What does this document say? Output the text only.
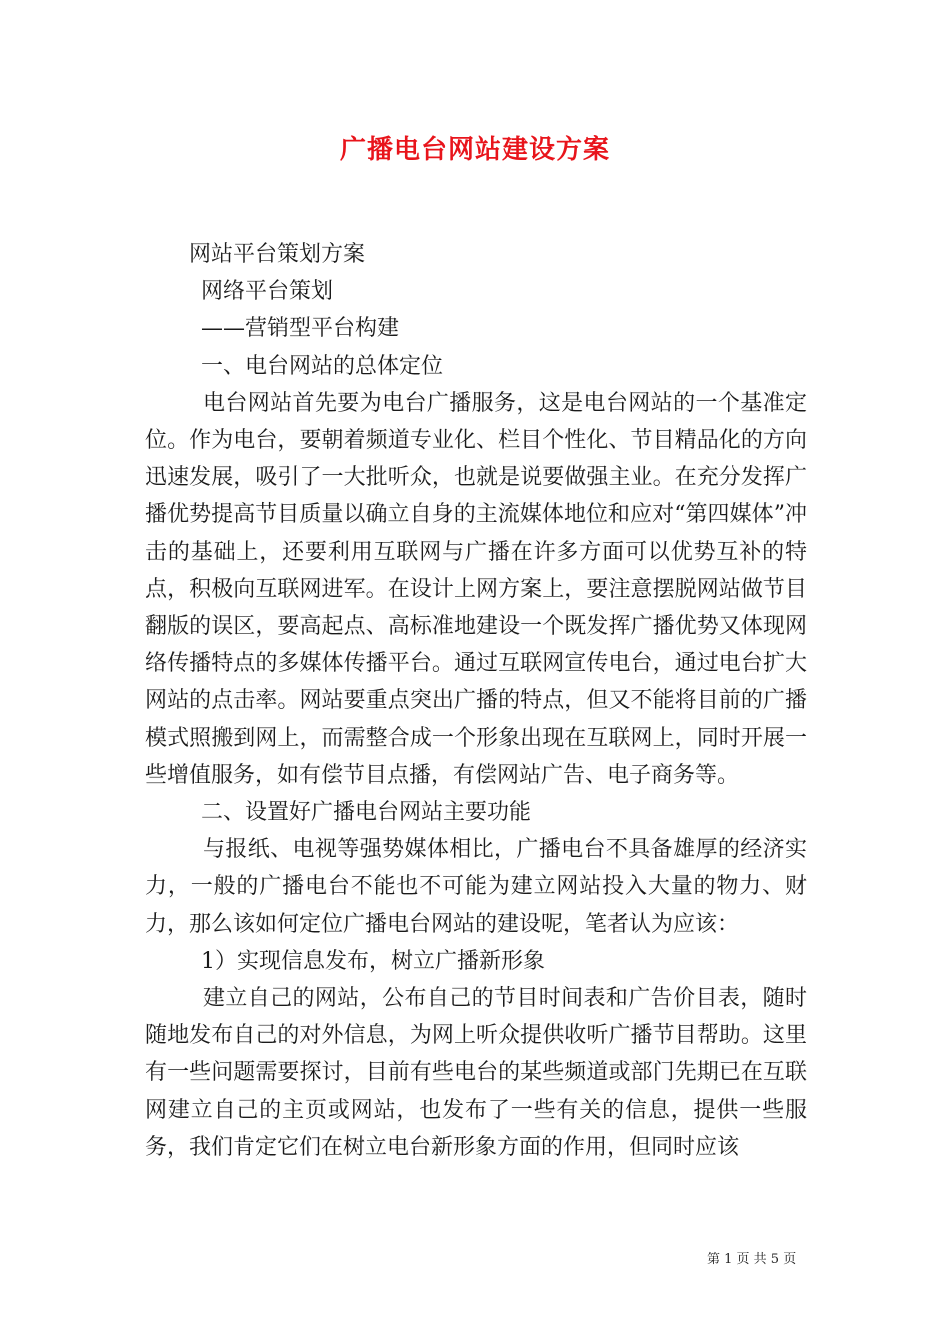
广播电台网站建设方案
网站平台策划方案
网络平台策划
——营销型平台构建
一、电台网站的总体定位
电台网站首先要为电台广播服务，这是电台网站的一个基准定位。作为电台，要朝着频道专业化、栏目个性化、节目精品化的方向迅速发展，吸引了一大批听众，也就是说要做强主业。在充分发挥广播优势提高节目质量以确立自身的主流媒体地位和应对“第四媒体”冲击的基础上，还要利用互联网与广播在许多方面可以优势互补的特点，积极向互联网进军。在设计上网方案上，要注意摆脱网站做节目翻版的误区，要高起点、高标准地建设一个既发挥广播优势又体现网络传播特点的多媒体传播平台。通过互联网宣传电台，通过电台扩大网站的点击率。网站要重点突出广播的特点，但又不能将目前的广播模式照搬到网上，而需整合成一个形象出现在互联网上，同时开展一些增值服务，如有偿节目点播，有偿网站广告、电子商务等。
二、设置好广播电台网站主要功能
与报纸、电视等强势媒体相比，广播电台不具备雄厚的经济实力，一般的广播电台不能也不可能为建立网站投入大量的物力、财力，那么该如何定位广播电台网站的建设呢，笔者认为应该：
1）实现信息发布，树立广播新形象
建立自己的网站，公布自己的节目时间表和广告价目表，随时随地发布自己的对外信息，为网上听众提供收听广播节目帮助。这里有一些问题需要探讨，目前有些电台的某些频道或部门先期已在互联网建立自己的主页或网站，也发布了一些有关的信息，提供一些服务，我们肯定它们在树立电台新形象方面的作用，但同时应该
第 1 页 共 5 页
